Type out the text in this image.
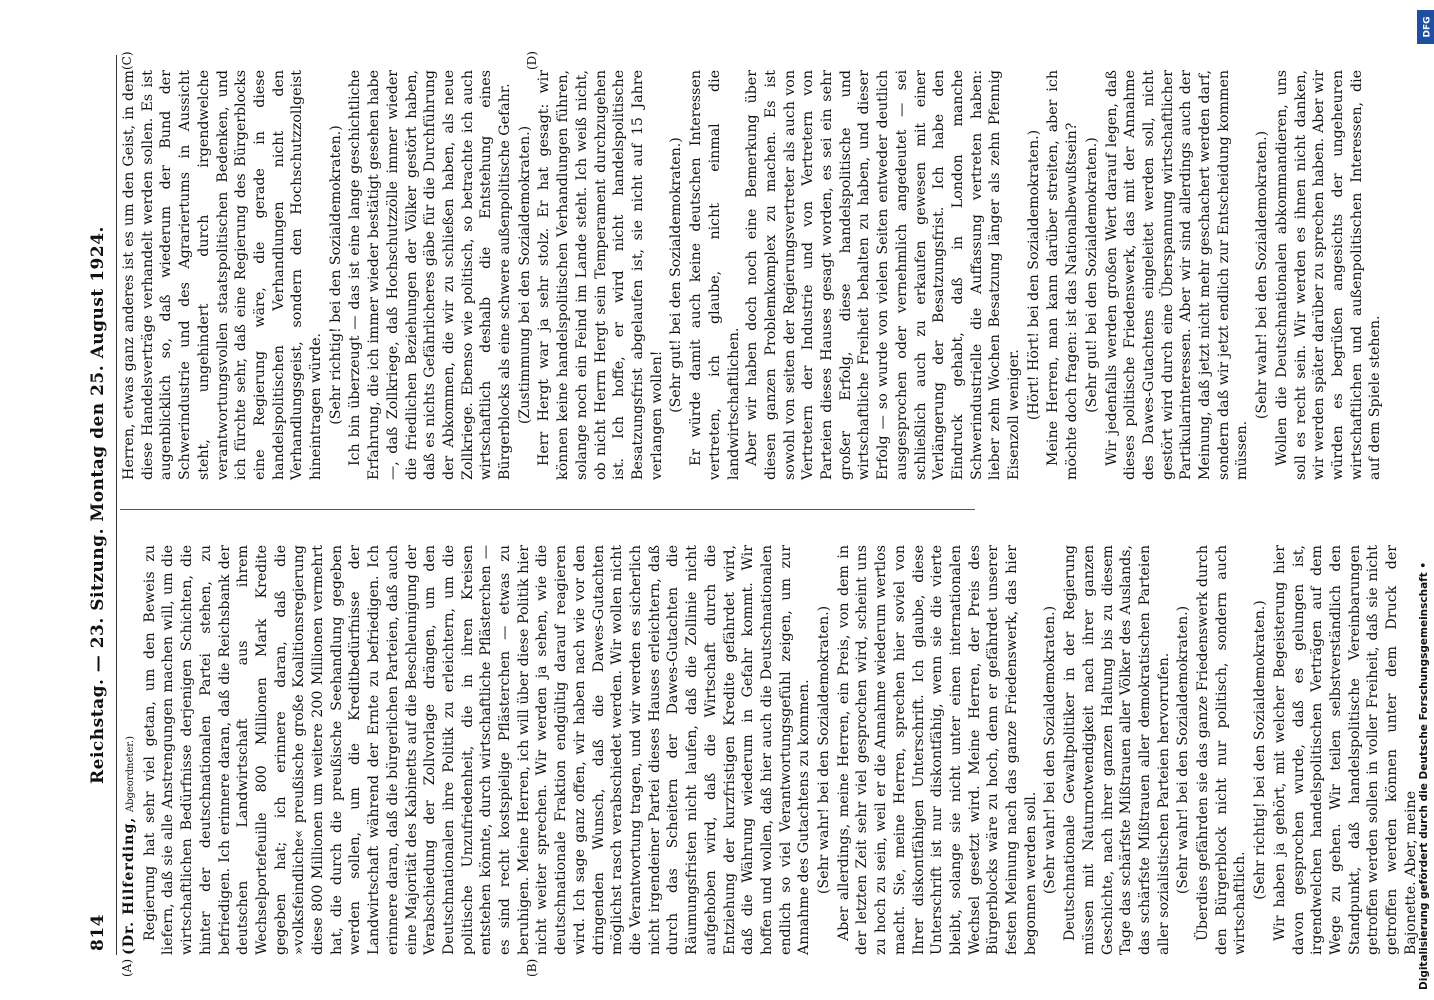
814
Reichstag. — 23. Sitzung. Montag den 25. August 1924.
(A)	(B)
(C)	(D)

(Dr. Hilferding, Abgeordneter.) Regierung hat sehr viel getan, um den Beweis zu liefern, daß sie alle Anstrengungen machen will, um die wirtschaftlichen Bedürfnisse derjenigen Schichten, die hinter der deutschnationalen Partei stehen, zu befriedigen. Ich erinnere daran, daß die Reichsbank der deutschen Landwirtschaft aus ihrem Wechselportefeuille 800 Millionen Mark Kredite gegeben hat; ich erinnere daran, daß die »volksfeindliche« preußische große Koalitionsregierung diese 800 Millionen um weitere 200 Millionen vermehrt hat, die durch die preußische Seehandlung gegeben werden sollen, um die Kreditbedürfnisse der Landwirtschaft während der Ernte zu befriedigen. Ich erinnere daran, daß die bürgerlichen Parteien, daß auch eine Majorität des Kabinetts auf die Beschleunigung der Verabschiedung der Zollvorlage drängen, um den Deutschnationalen ihre Politik zu erleichtern, um die politische Unzufriedenheit, die in ihren Kreisen entstehen könnte, durch wirtschaftliche Pflästerchen — es sind recht kostspielige Pflästerchen — etwas zu beruhigen. Meine Herren, ich will über diese Politik hier nicht weiter sprechen. Wir werden ja sehen, wie die deutschnationale Fraktion endgültig darauf reagieren wird. Ich sage ganz offen, wir haben nach wie vor den dringenden Wunsch, daß die Dawes-Gutachten möglichst rasch verabschiedet werden. Wir wollen nicht die Verantwortung tragen, und wir werden es sicherlich nicht irgendeiner Partei dieses Hauses erleichtern, daß durch das Scheitern der Dawes-Gutachten die Räumungsfristen nicht laufen, daß die Zollinie nicht aufgehoben wird, daß die Wirtschaft durch die Entziehung der kurzfristigen Kredite gefährdet wird, daß die Währung wiederum in Gefahr kommt. Wir hoffen und wollen, daß hier auch die Deutschnationalen endlich so viel Verantwortungsgefühl zeigen, um zur Annahme des Gutachtens zu kommen. (Sehr wahr! bei den Sozialdemokraten.) Aber allerdings, meine Herren, ein Preis, von dem in der letzten Zeit sehr viel gesprochen wird, scheint uns zu hoch zu sein, weil er die Annahme wiederum wertlos macht. Sie, meine Herren, sprechen hier soviel von Ihrer diskontfähigen Unterschrift. Ich glaube, diese Unterschrift ist nur diskontfähig, wenn sie die vierte bleibt, solange sie nicht unter einen internationalen Wechsel gesetzt wird. Meine Herren, der Preis des Bürgerblocks wäre zu hoch, denn er gefährdet unserer festen Meinung nach das ganze Friedenswerk, das hier begonnen werden soll. (Sehr wahr! bei den Sozialdemokraten.) Deutschnationale Gewaltpolitiker in der Regierung müssen mit Naturnotwendigkeit nach ihrer ganzen Geschichte, nach ihrer ganzen Haltung bis zu diesem Tage das schärfste Mißtrauen aller Völker des Auslands, das schärfste Mißtrauen aller demokratischen Parteien aller sozialistischen Parteien hervorrufen. (Sehr wahr! bei den Sozialdemokraten.) Überdies gefährden sie das ganze Friedenswerk durch den Bürgerblock nicht nur politisch, sondern auch wirtschaftlich.

(Sehr richtig! bei den Sozialdemokraten.) Wir haben ja gehört, mit welcher Begeisterung hier davon gesprochen wurde, daß es gelungen ist, irgendwelchen handelspolitischen Verträgen auf dem Wege zu gehen. Wir teilen selbstverständlich den Standpunkt, daß handelspolitische Vereinbarungen getroffen werden sollen in voller Freiheit, daß sie nicht getroffen werden können unter dem Druck der Bajonette. Aber, meine

Herren, etwas ganz anderes ist es um den Geist, in dem diese Handelsverträge verhandelt werden sollen. Es ist augenblicklich so, daß wiederum der Bund der Schwerindustrie und des Agrariertums in Aussicht steht, ungehindert durch irgendwelche verantwortungsvollen staatspolitischen Bedenken, und ich fürchte sehr, daß eine Regierung des Bürgerblocks eine Regierung wäre, die gerade in diese handelspolitischen Verhandlungen nicht den Verhandlungsgeist, sondern den Hochschutzzollgeist hineintragen würde. (Sehr richtig! bei den Sozialdemokraten.) Ich bin überzeugt — das ist eine lange geschichtliche Erfahrung, die ich immer wieder bestätigt gesehen habe —, daß Zollkriege, daß Hochschutzzölle immer wieder die friedlichen Beziehungen der Völker gestört haben, daß es nichts Gefährlicheres gäbe für die Durchführung der Abkommen, die wir zu schließen haben, als neue Zollkriege. Ebenso wie politisch, so betrachte ich auch wirtschaftlich deshalb die Entstehung eines Bürgerblocks als eine schwere außenpolitische Gefahr. (Zustimmung bei den Sozialdemokraten.) Herr Hergt war ja sehr stolz. Er hat gesagt: wir können keine handelspolitischen Verhandlungen führen, solange noch ein Feind im Lande steht. Ich weiß nicht, ob nicht Herrn Hergt sein Temperament durchzugehen ist. Ich hoffe, er wird nicht handelspolitische Besatzungsfrist abgelaufen ist, sie nicht auf 15 Jahre verlangen wollen!

(Sehr gut! bei den Sozialdemokraten.) Er würde damit auch keine deutschen Interessen vertreten, ich glaube, nicht einmal die landwirtschaftlichen. Aber wir haben doch noch eine Bemerkung über diesen ganzen Problemkomplex zu machen. Es ist sowohl von seiten der Regierungsvertreter als auch von Vertretern der Industrie und von Vertretern von Parteien dieses Hauses gesagt worden, es sei ein sehr großer Erfolg, diese handelspolitische und wirtschaftliche Freiheit behalten zu haben, und dieser Erfolg — so wurde von vielen Seiten entweder deutlich ausgesprochen oder vernehmlich angedeutet — sei schließlich auch zu erkaufen gewesen mit einer Verlängerung der Besatzungsfrist. Ich habe den Eindruck gehabt, daß in London manche Schwerindustrielle die Auffassung vertreten haben: lieber zehn Wochen Besatzung länger als zehn Pfennig Eisenzoll weniger. (Hört! Hört! bei den Sozialdemokraten.) Meine Herren, man kann darüber streiten, aber ich möchte doch fragen: ist das Nationalbewußtsein? (Sehr gut! bei den Sozialdemokraten.) Wir jedenfalls werden großen Wert darauf legen, daß dieses politische Friedenswerk, das mit der Annahme des Dawes-Gutachtens eingeleitet werden soll, nicht gestört wird durch eine Überspannung wirtschaftlicher Partikularinteressen. Aber wir sind allerdings auch der Meinung, daß jetzt nicht mehr geschachert werden darf, sondern daß wir jetzt endlich zur Entscheidung kommen müssen.

(Sehr wahr! bei den Sozialdemokraten.) Wollen die Deutschnationalen abkommandieren, uns soll es recht sein. Wir werden es ihnen nicht danken, wir werden später darüber zu sprechen haben. Aber wir würden es begrüßen angesichts der ungeheuren wirtschaftlichen und außenpolitischen Interessen, die auf dem Spiele stehen.

Digitalisierung gefördert durch die Deutsche Forschungsgemeinschaft •
DFG
